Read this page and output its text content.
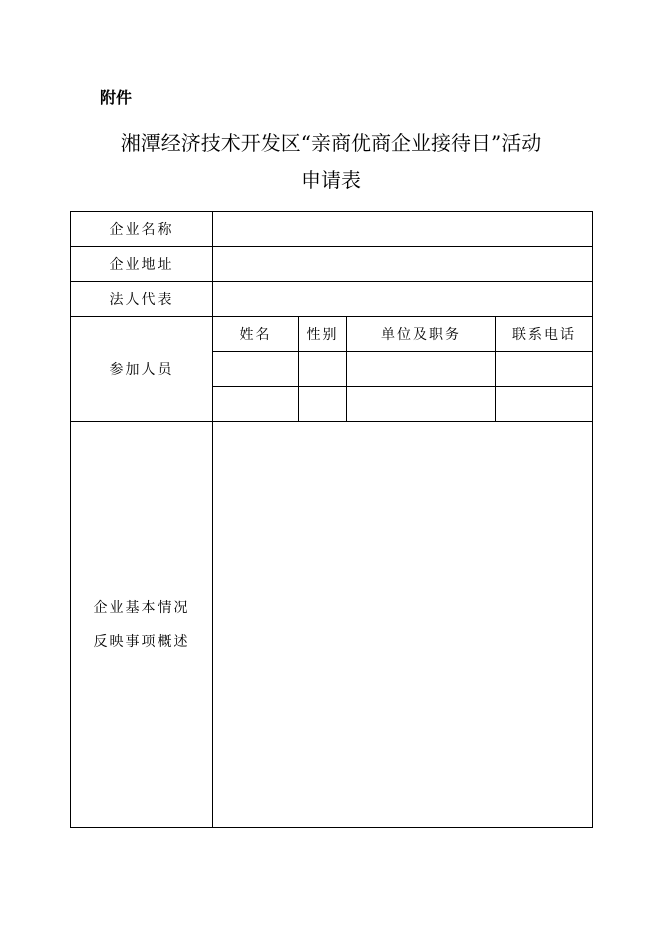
附件
湘潭经济技术开发区“亲商优商企业接待日”活动
申请表
企业名称				
企业地址				
法人代表				
参加人员	姓名	性别	单位及职务	联系电话

企业基本情况
反映事项概述				
